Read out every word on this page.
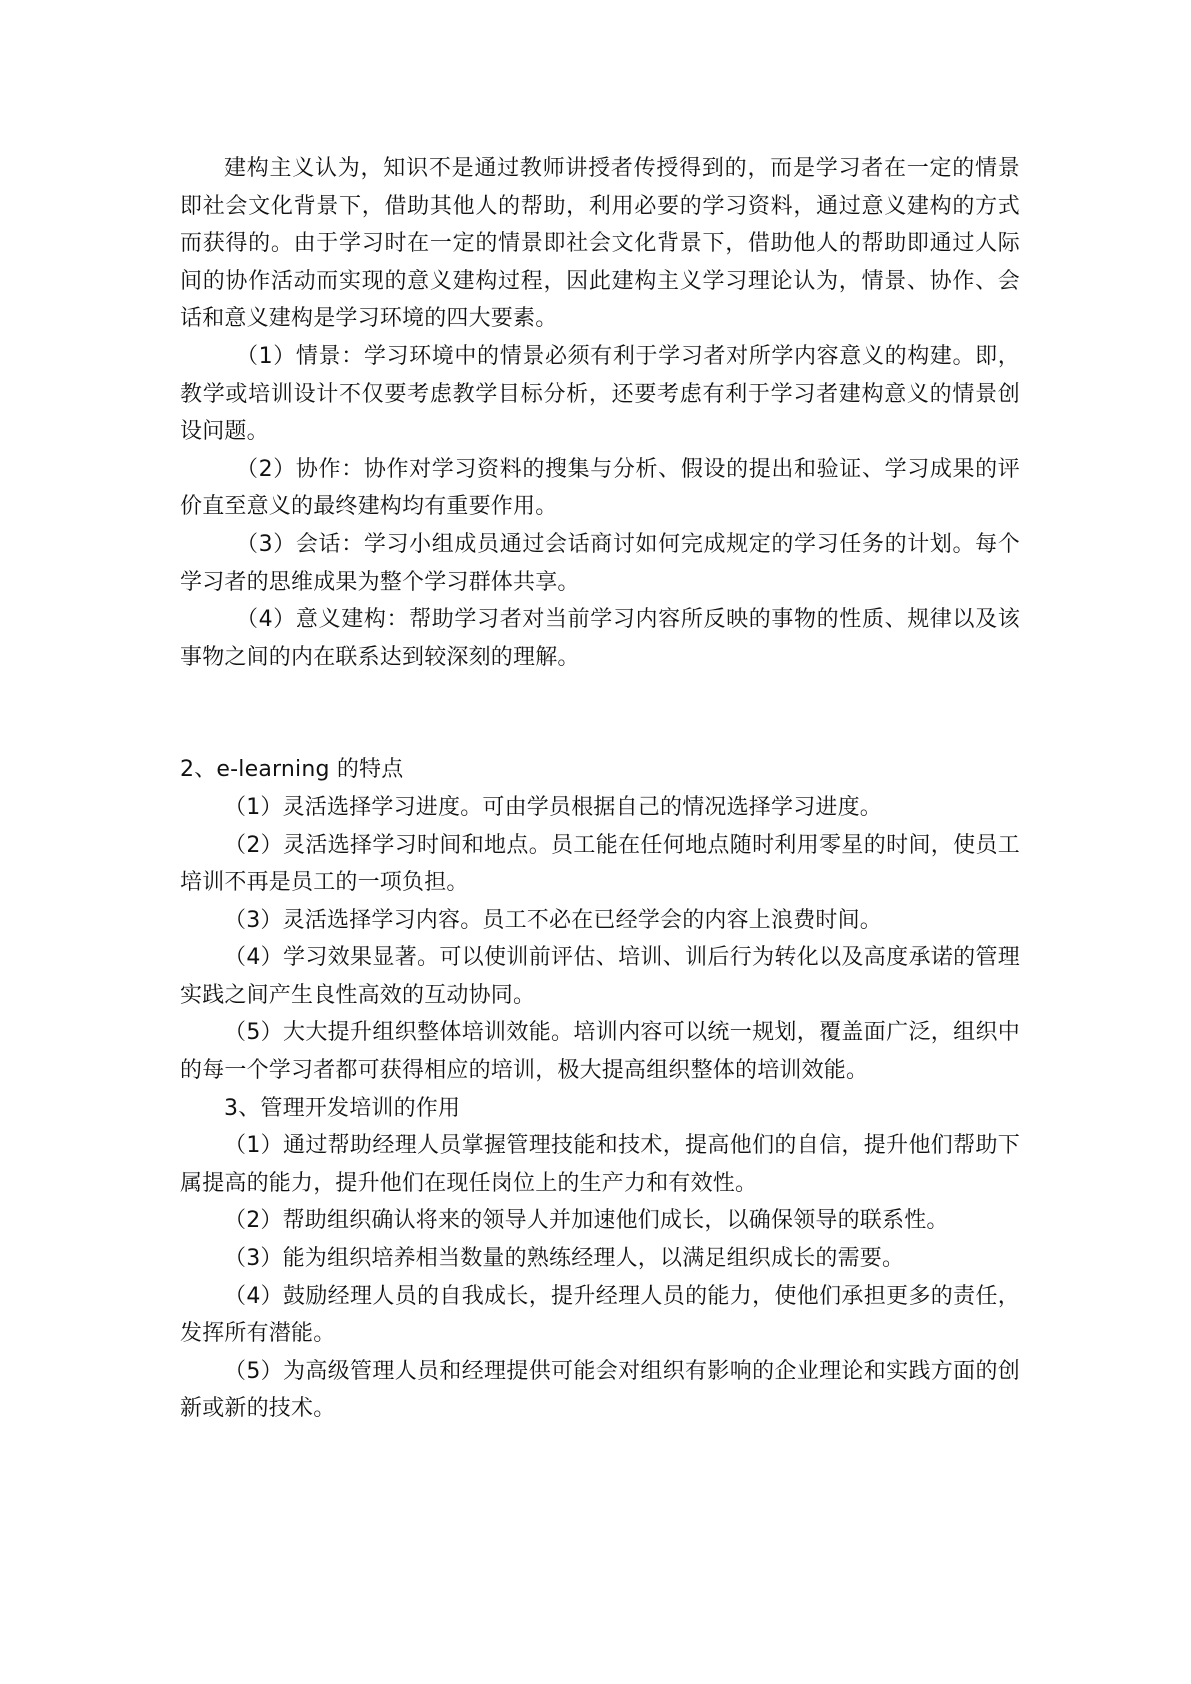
建构主义认为，知识不是通过教师讲授者传授得到的，而是学习者在一定的情景即社会文化背景下，借助其他人的帮助，利用必要的学习资料，通过意义建构的方式而获得的。由于学习时在一定的情景即社会文化背景下，借助他人的帮助即通过人际间的协作活动而实现的意义建构过程，因此建构主义学习理论认为，情景、协作、会话和意义建构是学习环境的四大要素。

（1）情景：学习环境中的情景必须有利于学习者对所学内容意义的构建。即，教学或培训设计不仅要考虑教学目标分析，还要考虑有利于学习者建构意义的情景创设问题。

（2）协作：协作对学习资料的搜集与分析、假设的提出和验证、学习成果的评价直至意义的最终建构均有重要作用。

（3）会话：学习小组成员通过会话商讨如何完成规定的学习任务的计划。每个学习者的思维成果为整个学习群体共享。

（4）意义建构：帮助学习者对当前学习内容所反映的事物的性质、规律以及该事物之间的内在联系达到较深刻的理解。

2、e-learning 的特点

（1）灵活选择学习进度。可由学员根据自己的情况选择学习进度。

（2）灵活选择学习时间和地点。员工能在任何地点随时利用零星的时间，使员工培训不再是员工的一项负担。

（3）灵活选择学习内容。员工不必在已经学会的内容上浪费时间。

（4）学习效果显著。可以使训前评估、培训、训后行为转化以及高度承诺的管理实践之间产生良性高效的互动协同。

（5）大大提升组织整体培训效能。培训内容可以统一规划，覆盖面广泛，组织中的每一个学习者都可获得相应的培训，极大提高组织整体的培训效能。

3、管理开发培训的作用

（1）通过帮助经理人员掌握管理技能和技术，提高他们的自信，提升他们帮助下属提高的能力，提升他们在现任岗位上的生产力和有效性。

（2）帮助组织确认将来的领导人并加速他们成长，以确保领导的联系性。

（3）能为组织培养相当数量的熟练经理人，以满足组织成长的需要。

（4）鼓励经理人员的自我成长，提升经理人员的能力，使他们承担更多的责任，发挥所有潜能。

（5）为高级管理人员和经理提供可能会对组织有影响的企业理论和实践方面的创新或新的技术。
